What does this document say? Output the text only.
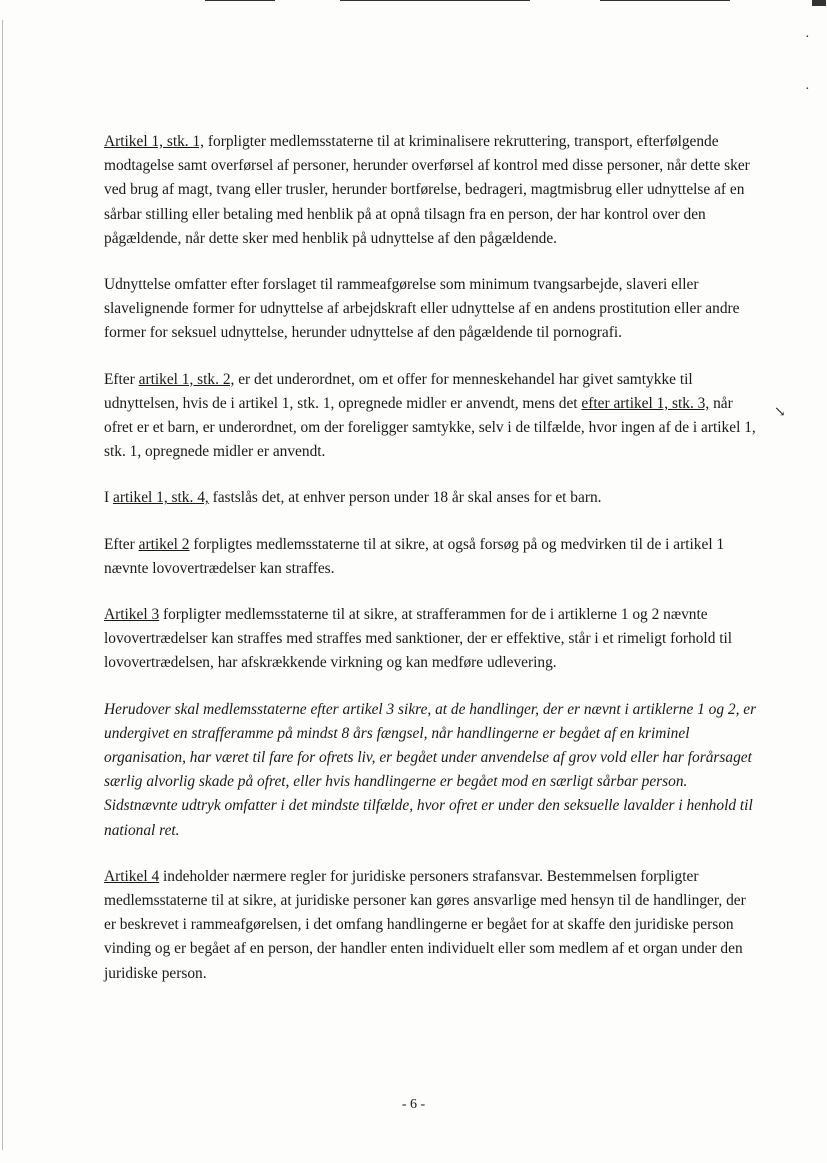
·
·
↘

Artikel 1, stk. 1, forpligter medlemsstaterne til at kriminalisere rekruttering, transport, efterfølgende modtagelse samt overførsel af personer, herunder overførsel af kontrol med disse personer, når dette sker ved brug af magt, tvang eller trusler, herunder bortførelse, bedrageri, magtmisbrug eller udnyttelse af en sårbar stilling eller betaling med henblik på at opnå tilsagn fra en person, der har kontrol over den pågældende, når dette sker med henblik på udnyttelse af den pågældende.

Udnyttelse omfatter efter forslaget til rammeafgørelse som minimum tvangsarbejde, slaveri eller slavelignende former for udnyttelse af arbejdskraft eller udnyttelse af en andens prostitution eller andre former for seksuel udnyttelse, herunder udnyttelse af den pågældende til pornografi.

Efter artikel 1, stk. 2, er det underordnet, om et offer for menneskehandel har givet samtykke til udnyttelsen, hvis de i artikel 1, stk. 1, opregnede midler er anvendt, mens det efter artikel 1, stk. 3, når ofret er et barn, er underordnet, om der foreligger samtykke, selv i de tilfælde, hvor ingen af de i artikel 1, stk. 1, opregnede midler er anvendt.

I artikel 1, stk. 4, fastslås det, at enhver person under 18 år skal anses for et barn.

Efter artikel 2 forpligtes medlemsstaterne til at sikre, at også forsøg på og medvirken til de i artikel 1 nævnte lovovertrædelser kan straffes.

Artikel 3 forpligter medlemsstaterne til at sikre, at strafferammen for de i artiklerne 1 og 2 nævnte lovovertrædelser kan straffes med straffes med sanktioner, der er effektive, står i et rimeligt forhold til lovovertrædelsen, har afskrækkende virkning og kan medføre udlevering.

Herudover skal medlemsstaterne efter artikel 3 sikre, at de handlinger, der er nævnt i artiklerne 1 og 2, er undergivet en strafferamme på mindst 8 års fængsel, når handlingerne er begået af en kriminel organisation, har været til fare for ofrets liv, er begået under anvendelse af grov vold eller har forårsaget særlig alvorlig skade på ofret, eller hvis handlingerne er begået mod en særligt sårbar person. Sidstnævnte udtryk omfatter i det mindste tilfælde, hvor ofret er under den seksuelle lavalder i henhold til national ret.

Artikel 4 indeholder nærmere regler for juridiske personers strafansvar. Bestemmelsen forpligter medlemsstaterne til at sikre, at juridiske personer kan gøres ansvarlige med hensyn til de handlinger, der er beskrevet i rammeafgørelsen, i det omfang handlingerne er begået for at skaffe den juridiske person vinding og er begået af en person, der handler enten individuelt eller som medlem af et organ under den juridiske person.

- 6 -
